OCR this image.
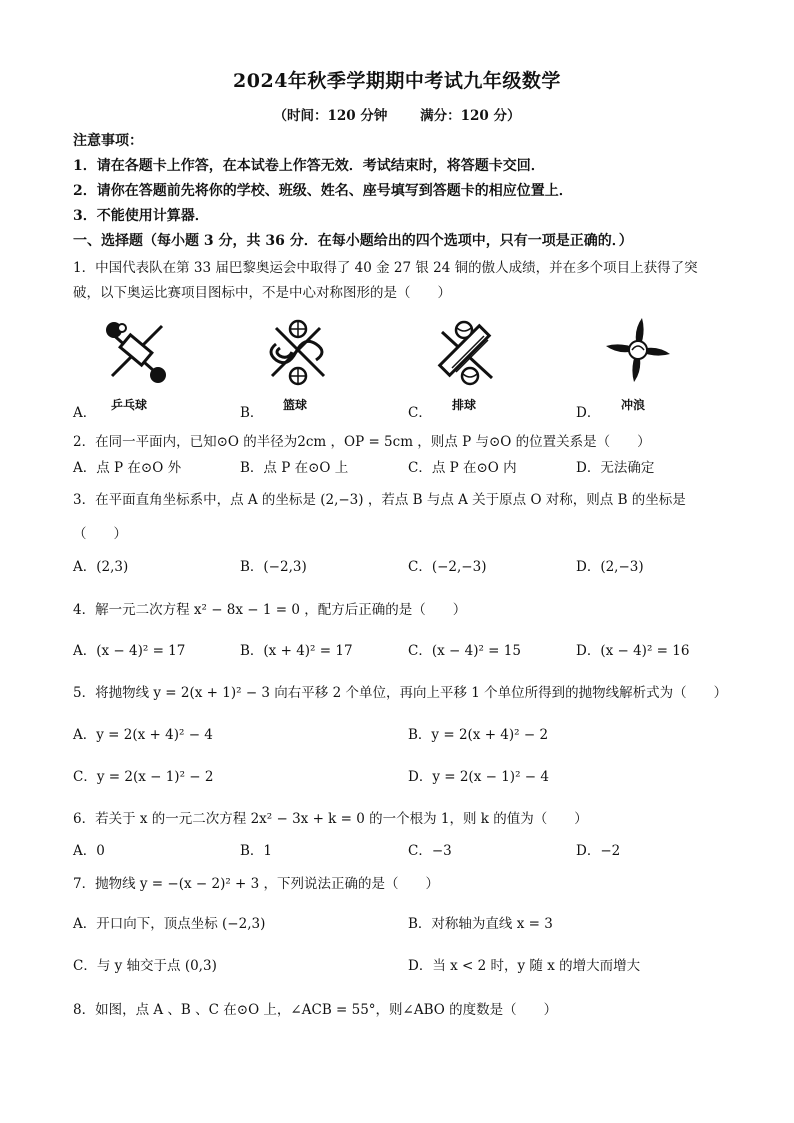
2024年秋季学期期中考试九年级数学
（时间：120 分钟 满分：120 分）
注意事项：
1．请在各题卡上作答，在本试卷上作答无效．考试结束时，将答题卡交回．
2．请你在答题前先将你的学校、班级、姓名、座号填写到答题卡的相应位置上．
3．不能使用计算器．
一、选择题（每小题 3 分，共 36 分．在每小题给出的四个选项中，只有一项是正确的．）
1．中国代表队在第 33 届巴黎奥运会中取得了 40 金 27 银 24 铜的傲人成绩，并在多个项目上获得了突
破，以下奥运比赛项目图标中，不是中心对称图形的是（　　）
乒乓球	篮球	排球	冲浪
A．	B．	C．	D．
2．在同一平面内，已知⊙O 的半径为2cm ，OP = 5cm ，则点 P 与⊙O 的位置关系是（　　）
A．点 P 在⊙O 外	B．点 P 在⊙O 上	C．点 P 在⊙O 内	D．无法确定
3．在平面直角坐标系中，点 A 的坐标是 (2,−3) ，若点 B 与点 A 关于原点 O 对称，则点 B 的坐标是
（　　）
A．(2,3)	B．(−2,3)	C．(−2,−3)	D．(2,−3)
4．解一元二次方程 x² − 8x − 1 = 0 ，配方后正确的是（　　）
A．(x − 4)² = 17	B．(x + 4)² = 17	C．(x − 4)² = 15	D．(x − 4)² = 16
5．将抛物线 y = 2(x + 1)² − 3 向右平移 2 个单位，再向上平移 1 个单位所得到的抛物线解析式为（　　）
A．y = 2(x + 4)² − 4	B．y = 2(x + 4)² − 2
C．y = 2(x − 1)² − 2	D．y = 2(x − 1)² − 4
6．若关于 x 的一元二次方程 2x² − 3x + k = 0 的一个根为 1，则 k 的值为（　　）
A．0	B．1	C．−3	D．−2
7．抛物线 y = −(x − 2)² + 3 ，下列说法正确的是（　　）
A．开口向下，顶点坐标 (−2,3)	B．对称轴为直线 x = 3
C．与 y 轴交于点 (0,3)	D．当 x < 2 时，y 随 x 的增大而增大
8．如图，点 A 、B 、C 在⊙O 上，∠ACB = 55°，则∠ABO 的度数是（　　）
